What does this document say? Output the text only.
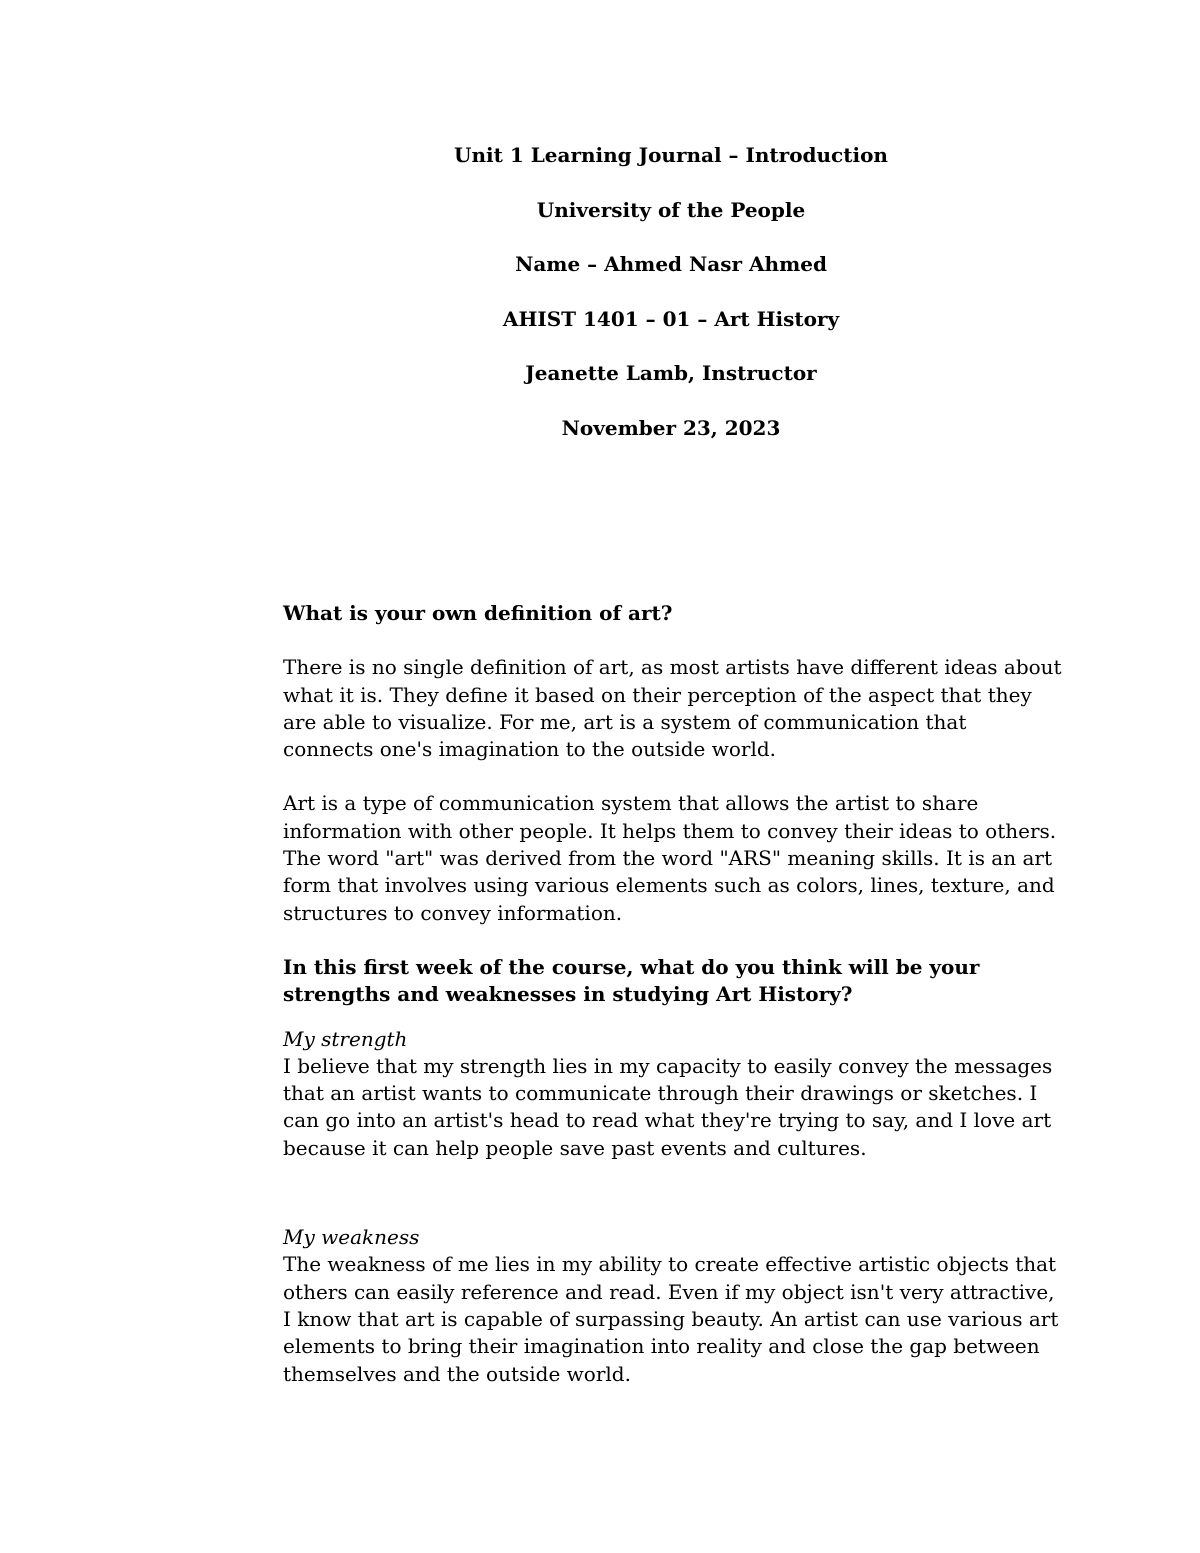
Unit 1 Learning Journal – Introduction
University of the People
Name – Ahmed Nasr Ahmed
AHIST 1401 – 01 – Art History
Jeanette Lamb, Instructor
November 23, 2023

What is your own definition of art?

There is no single definition of art, as most artists have different ideas about what it is. They define it based on their perception of the aspect that they are able to visualize. For me, art is a system of communication that connects one's imagination to the outside world.

Art is a type of communication system that allows the artist to share information with other people. It helps them to convey their ideas to others. The word "art" was derived from the word "ARS" meaning skills. It is an art form that involves using various elements such as colors, lines, texture, and structures to convey information.

In this first week of the course, what do you think will be your strengths and weaknesses in studying Art History?

My strength

I believe that my strength lies in my capacity to easily convey the messages that an artist wants to communicate through their drawings or sketches. I can go into an artist's head to read what they're trying to say, and I love art because it can help people save past events and cultures.

My weakness

The weakness of me lies in my ability to create effective artistic objects that others can easily reference and read. Even if my object isn't very attractive, I know that art is capable of surpassing beauty. An artist can use various art elements to bring their imagination into reality and close the gap between themselves and the outside world.
